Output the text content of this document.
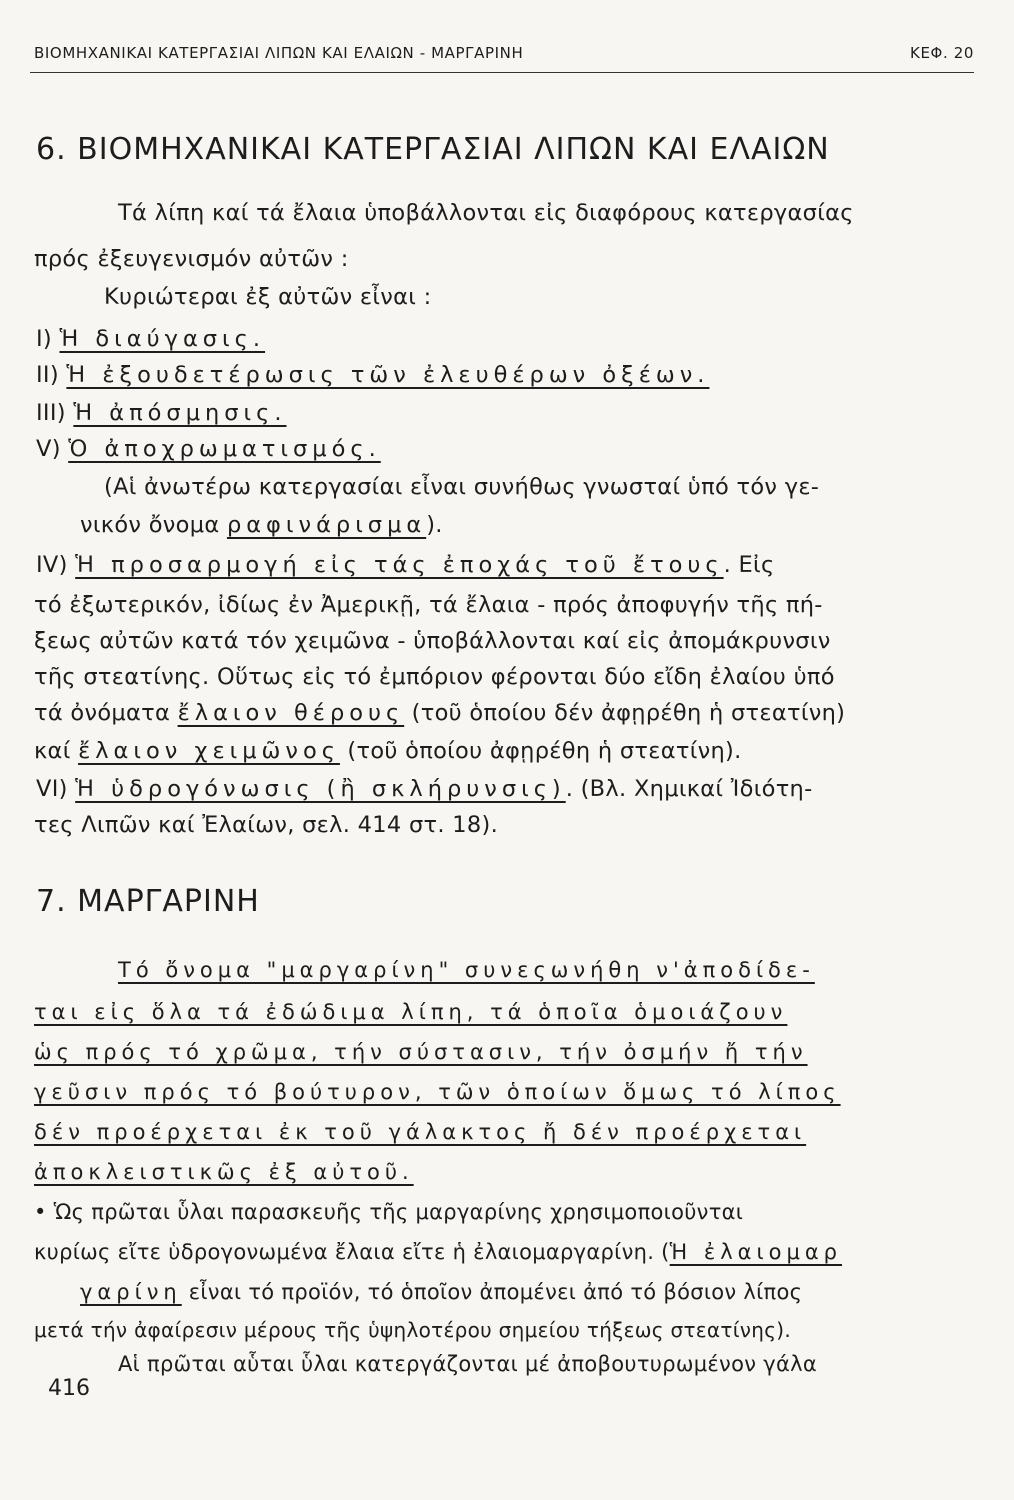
ΒΙΟΜΗΧΑΝΙΚΑΙ ΚΑΤΕΡΓΑΣΙΑΙ ΛΙΠΩΝ ΚΑΙ ΕΛΑΙΩΝ - ΜΑΡΓΑΡΙΝΗ	ΚΕΦ. 20
6. ΒΙΟΜΗΧΑΝΙΚΑΙ ΚΑΤΕΡΓΑΣΙΑΙ ΛΙΠΩΝ ΚΑΙ ΕΛΑΙΩΝ
Τά λίπη καί τά ἔλαια ὑποβάλλονται εἰς διαφόρους κατεργασίας
πρός ἐξευγενισμόν αὐτῶν :
Κυριώτεραι ἐξ αὐτῶν εἶναι :
I) Ἡ διαύγασις.
II) Ἡ ἐξουδετέρωσις τῶν ἐλευθέρων ὀξέων.
III) Ἡ ἀπόσμησις.
V) Ὁ ἀποχρωματισμός.
(Αἱ ἀνωτέρω κατεργασίαι εἶναι συνήθως γνωσταί ὑπό τόν γε-
νικόν ὄνομα ραφινάρισμα).
IV) Ἡ προσαρμογή εἰς τάς ἐποχάς τοῦ ἔτους. Εἰς
τό ἐξωτερικόν, ἰδίως ἐν Ἀμερικῇ, τά ἔλαια - πρός ἀποφυγήν τῆς πή-
ξεως αὐτῶν κατά τόν χειμῶνα - ὑποβάλλονται καί εἰς ἀπομάκρυνσιν
τῆς στεατίνης. Οὕτως εἰς τό ἐμπόριον φέρονται δύο εἴδη ἐλαίου ὑπό
τά ὀνόματα ἔλαιον θέρους (τοῦ ὁποίου δέν ἀφῃρέθη ἡ στεατίνη)
καί ἔλαιον χειμῶνος (τοῦ ὁποίου ἀφῃρέθη ἡ στεατίνη).
VI) Ἡ ὑδρογόνωσις (ἢ σκλήρυνσις). (Βλ. Χημικαί Ἰδιότη-
τες Λιπῶν καί Ἐλαίων, σελ. 414 στ. 18).
7. ΜΑΡΓΑΡΙΝΗ
Τό ὄνομα "μαργαρίνη" συνεςωνήθη ν'ἀποδίδε-
ται εἰς ὅλα τά ἐδώδιμα λίπη, τά ὁποῖα ὁμοιάζουν
ὡς πρός τό χρῶμα, τήν σύστασιν, τήν ὀσμήν ἤ τήν
γεῦσιν πρός τό βούτυρον, τῶν ὁποίων ὅμως τό λίπος
δέν προέρχεται ἐκ τοῦ γάλακτος ἤ δέν προέρχεται
ἀποκλειστικῶς ἐξ αὐτοῦ.
• Ὡς πρῶται ὗλαι παρασκευῆς τῆς μαργαρίνης χρησιμοποιοῦνται
κυρίως εἴτε ὑδρογονωμένα ἔλαια εἴτε ἡ ἐλαιομαργαρίνη. (Ἡ ἐλαιομαρ
γαρίνη εἶναι τό προϊόν, τό ὁποῖον ἀπομένει ἀπό τό βόσιον λίπος
μετά τήν ἀφαίρεσιν μέρους τῆς ὑψηλοτέρου σημείου τήξεως στεατίνης).
Αἱ πρῶται αὗται ὗλαι κατεργάζονται μέ ἀποβουτυρωμένον γάλα
416
